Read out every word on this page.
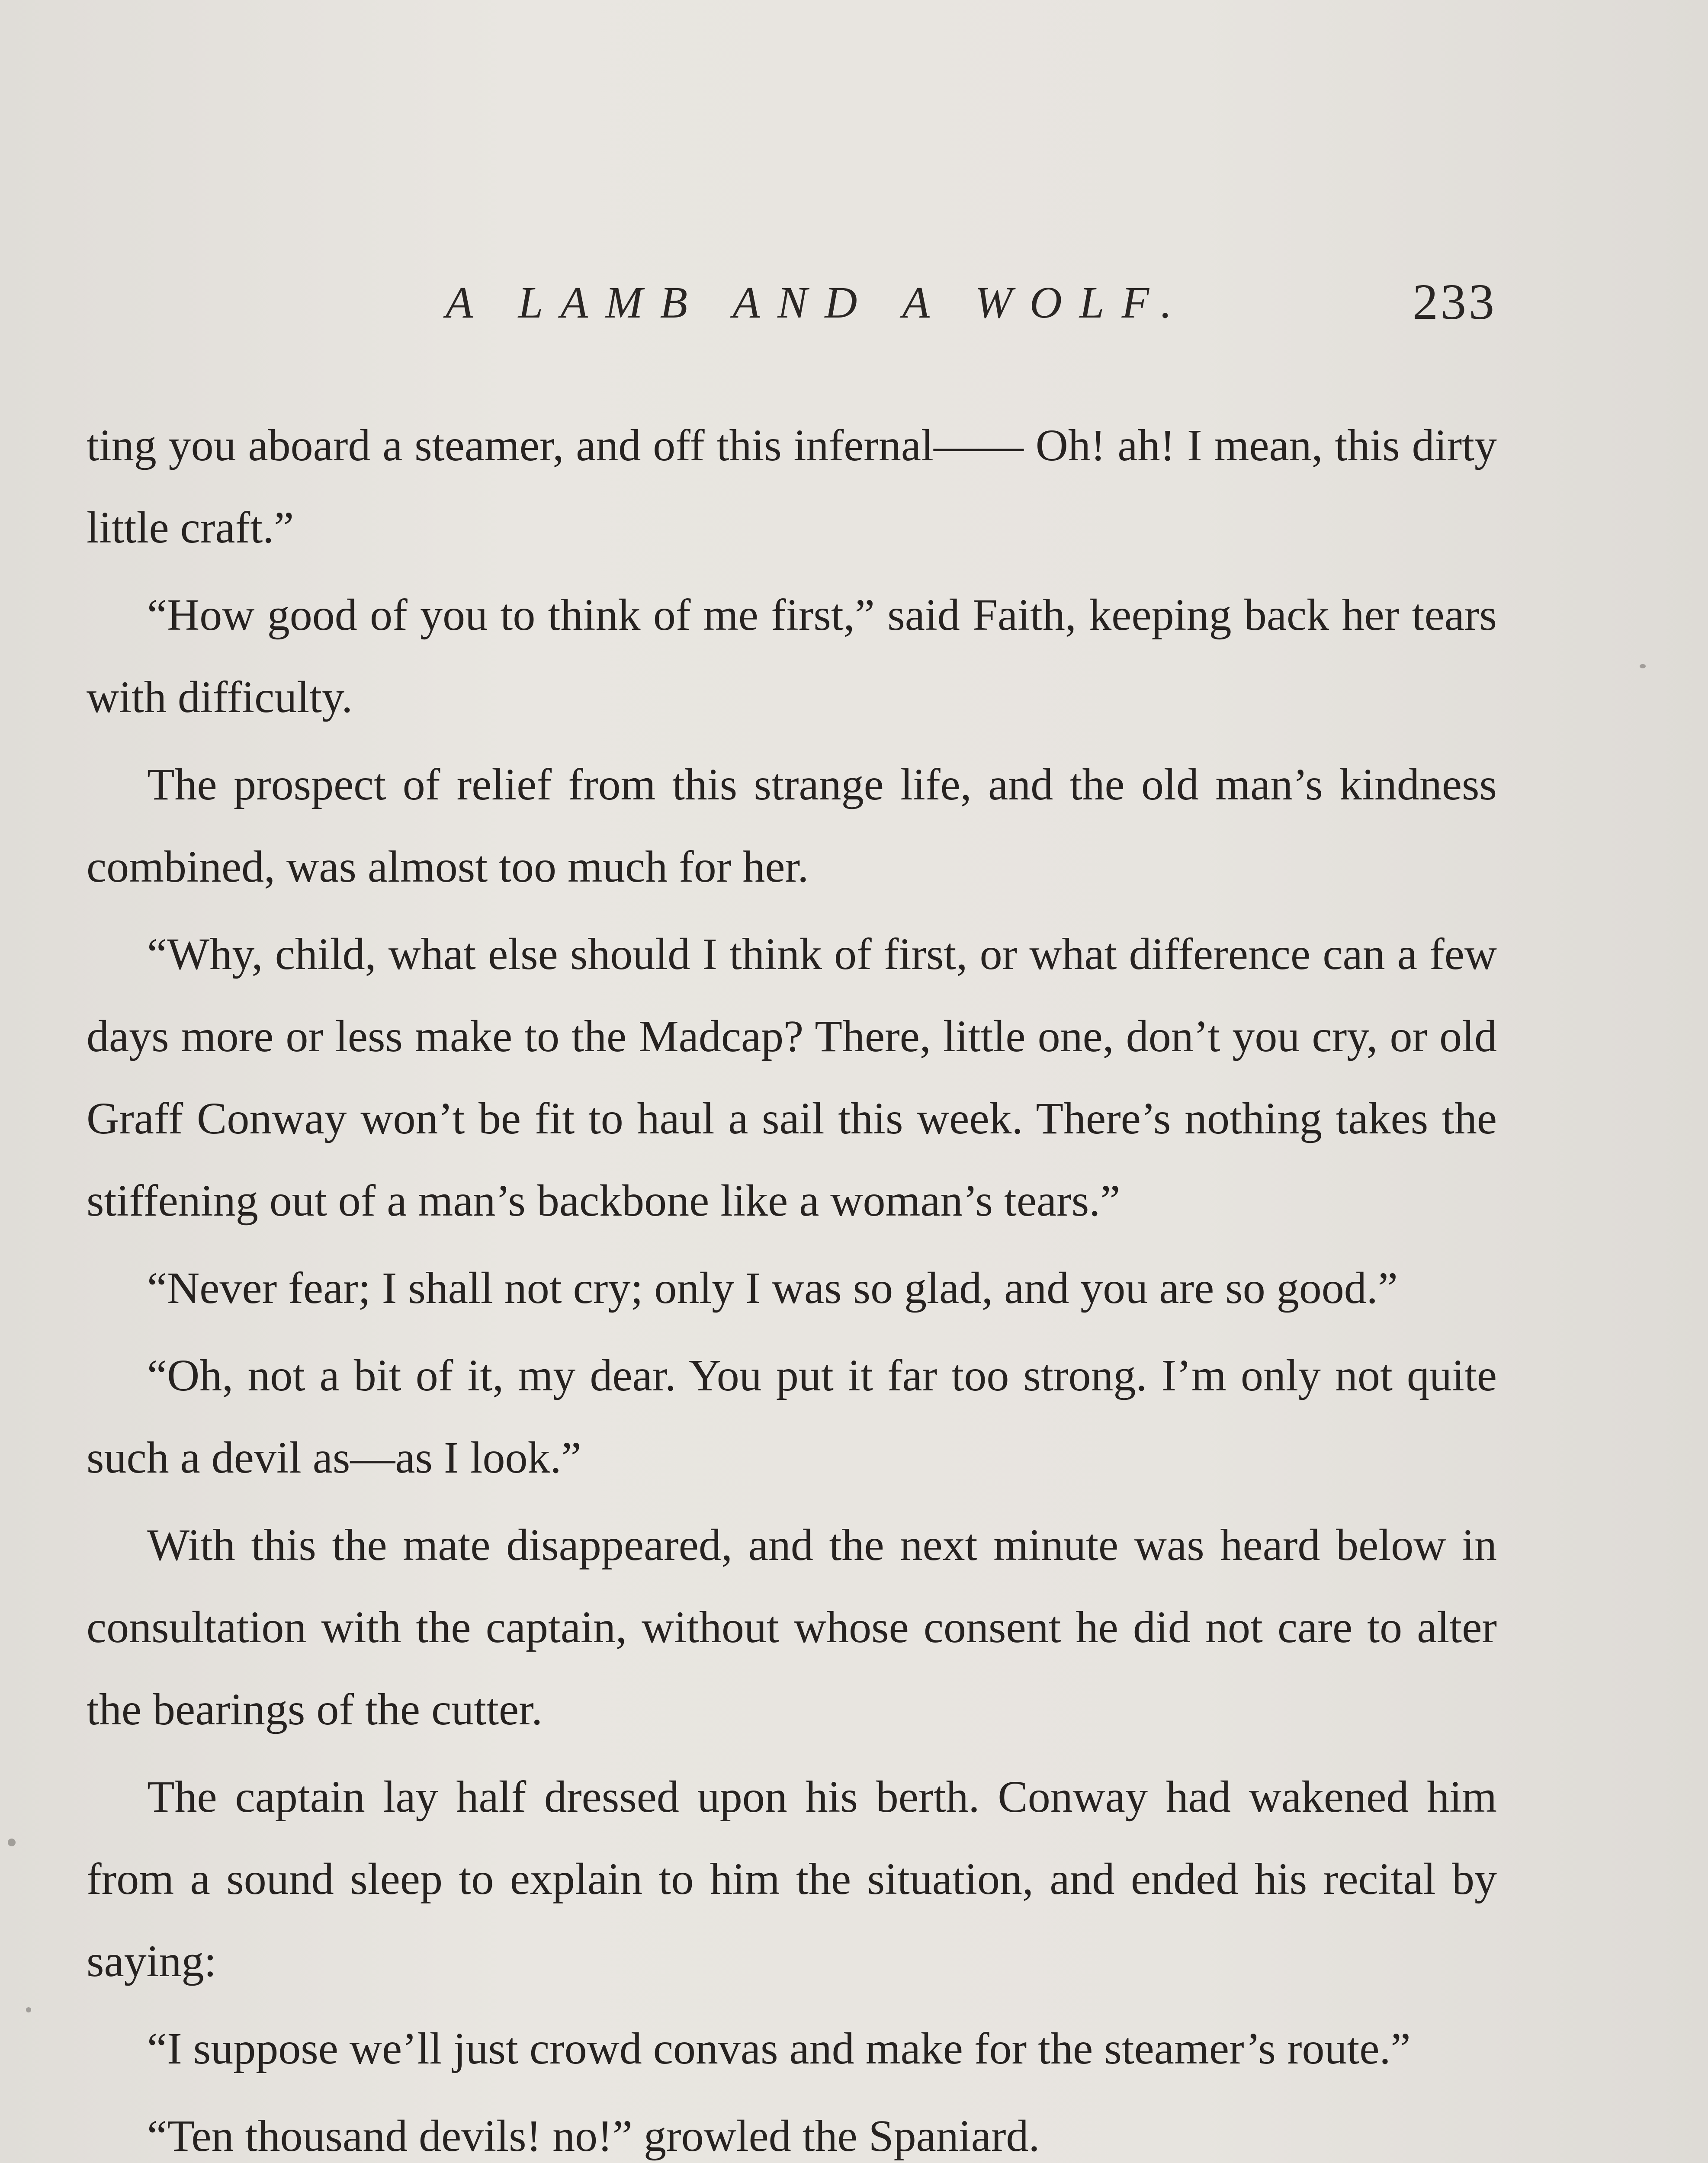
A LAMB AND A WOLF.	233

ting you aboard a steamer, and off this infernal—— Oh! ah! I mean, this dirty little craft.”

“How good of you to think of me first,” said Faith, keeping back her tears with difficulty.

The prospect of relief from this strange life, and the old man’s kindness combined, was almost too much for her.

“Why, child, what else should I think of first, or what difference can a few days more or less make to the Madcap? There, little one, don’t you cry, or old Graff Conway won’t be fit to haul a sail this week. There’s nothing takes the stiffening out of a man’s backbone like a woman’s tears.”

“Never fear; I shall not cry; only I was so glad, and you are so good.”

“Oh, not a bit of it, my dear. You put it far too strong. I’m only not quite such a devil as—as I look.”

With this the mate disappeared, and the next minute was heard below in consultation with the captain, without whose consent he did not care to alter the bearings of the cutter.

The captain lay half dressed upon his berth. Conway had wakened him from a sound sleep to explain to him the situation, and ended his recital by saying:

“I suppose we’ll just crowd convas and make for the steamer’s route.”

“Ten thousand devils! no!” growled the Spaniard.
